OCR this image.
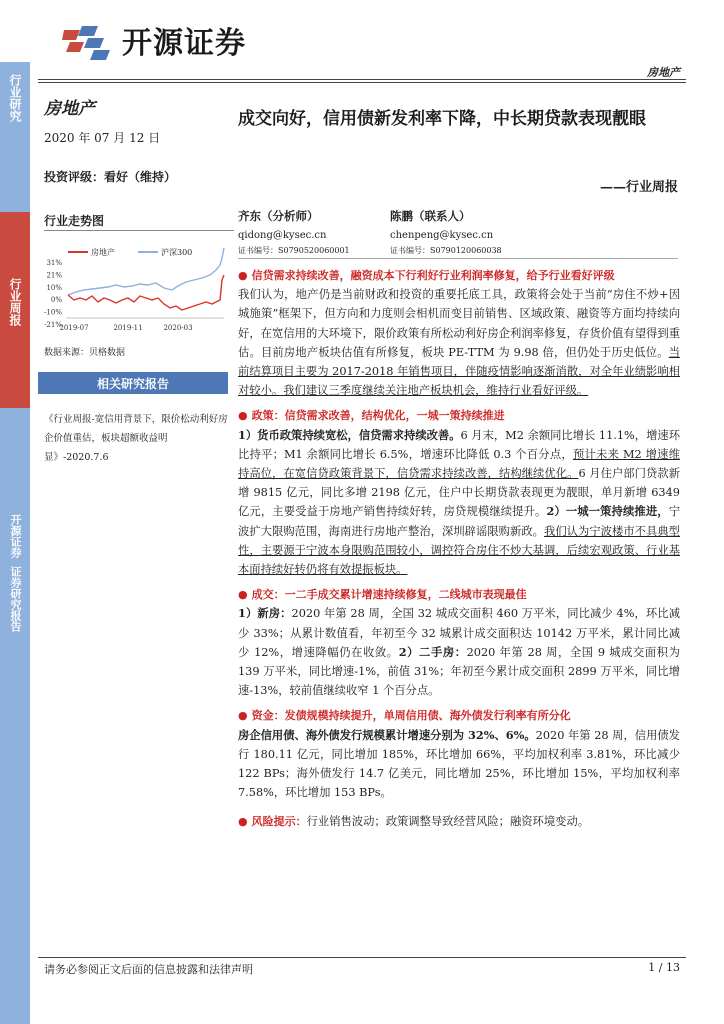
行业研究
行业周报
开源证券
证券研究报告
开源证券
房地产
房地产
2020 年 07 月 12 日
投资评级：看好（维持）
行业走势图
房地产	沪深300
31%
21%
10%
0%
-10%
-21%
2019-07	2019-11	2020-03
数据来源：贝格数据
相关研究报告
《行业周报-宽信用背景下，限价松动利好房企价值重估，板块超额收益明显》-2020.7.6
成交向好，信用债新发利率下降，中长期贷款表现靓眼
——行业周报
齐东（分析师）
qidong@kysec.cn
证书编号：S0790520060001
陈鹏（联系人）
chenpeng@kysec.cn
证书编号：S0790120060038
● 信贷需求持续改善，融资成本下行利好行业利润率修复，给予行业看好评级
我们认为，地产仍是当前财政和投资的重要托底工具，政策将会处于当前“房住不炒+因城施策”框架下，但方向和力度则会相机而变目前销售、区域政策、融资等方面均持续向好，在宽信用的大环境下，限价政策有所松动利好房企利润率修复，存货价值有望得到重估。目前房地产板块估值有所修复，板块 PE-TTM 为 9.98 倍，但仍处于历史低位。当前结算项目主要为 2017-2018 年销售项目，伴随疫情影响逐渐消散，对全年业绩影响相对较小。我们建议三季度继续关注地产板块机会，维持行业看好评级。
● 政策：信贷需求改善，结构优化，一城一策持续推进
1）货币政策持续宽松，信贷需求持续改善。6 月末，M2 余额同比增长 11.1%，增速环比持平；M1 余额同比增长 6.5%，增速环比降低 0.3 个百分点，预计未来 M2 增速维持高位，在宽信贷政策背景下，信贷需求持续改善，结构继续优化。6 月住户部门贷款新增 9815 亿元，同比多增 2198 亿元，住户中长期贷款表现更为靓眼，单月新增 6349 亿元，主要受益于房地产销售持续好转，房贷规模继续提升。2）一城一策持续推进，宁波扩大限购范围，海南进行房地产整治，深圳辟谣限购新政。我们认为宁波楼市不具典型性，主要源于宁波本身限购范围较小，调控符合房住不炒大基调，后续宏观政策、行业基本面持续好转仍将有效提振板块。
● 成交：一二手成交累计增速持续修复，二线城市表现最佳
1）新房：2020 年第 28 周，全国 32 城成交面积 460 万平米，同比减少 4%，环比减少 33%；从累计数值看，年初至今 32 城累计成交面积达 10142 万平米，累计同比减少 12%，增速降幅仍在收敛。2）二手房：2020 年第 28 周，全国 9 城成交面积为 139 万平米，同比增速-1%，前值 31%；年初至今累计成交面积 2899 万平米，同比增速-13%，较前值继续收窄 1 个百分点。
● 资金：发债规模持续提升，单周信用债、海外债发行利率有所分化
房企信用债、海外债发行规模累计增速分别为 32%、6%。2020 年第 28 周，信用债发行 180.11 亿元，同比增加 185%，环比增加 66%，平均加权利率 3.81%，环比减少 122 BPs；海外债发行 14.7 亿美元，同比增加 25%，环比增加 15%，平均加权利率 7.58%，环比增加 153 BPs。
● 风险提示：行业销售波动；政策调整导致经营风险；融资环境变动。
请务必参阅正文后面的信息披露和法律声明	1 / 13
